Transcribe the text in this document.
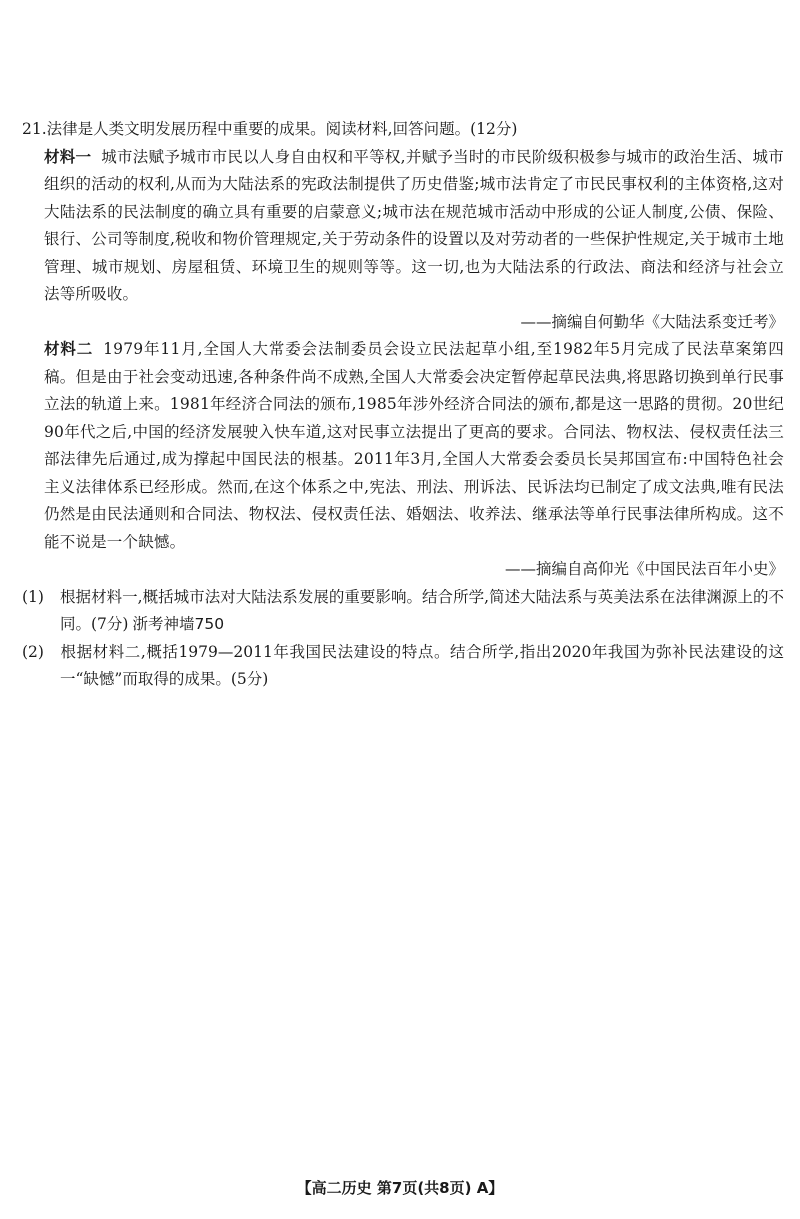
21.法律是人类文明发展历程中重要的成果。阅读材料,回答问题。(12分)

材料一 城市法赋予城市市民以人身自由权和平等权,并赋予当时的市民阶级积极参与城市的政治生活、城市组织的活动的权利,从而为大陆法系的宪政法制提供了历史借鉴;城市法肯定了市民民事权利的主体资格,这对大陆法系的民法制度的确立具有重要的启蒙意义;城市法在规范城市活动中形成的公证人制度,公债、保险、银行、公司等制度,税收和物价管理规定,关于劳动条件的设置以及对劳动者的一些保护性规定,关于城市土地管理、城市规划、房屋租赁、环境卫生的规则等等。这一切,也为大陆法系的行政法、商法和经济与社会立法等所吸收。

——摘编自何勤华《大陆法系变迁考》

材料二 1979年11月,全国人大常委会法制委员会设立民法起草小组,至1982年5月完成了民法草案第四稿。但是由于社会变动迅速,各种条件尚不成熟,全国人大常委会决定暂停起草民法典,将思路切换到单行民事立法的轨道上来。1981年经济合同法的颁布,1985年涉外经济合同法的颁布,都是这一思路的贯彻。20世纪90年代之后,中国的经济发展驶入快车道,这对民事立法提出了更高的要求。合同法、物权法、侵权责任法三部法律先后通过,成为撑起中国民法的根基。2011年3月,全国人大常委会委员长吴邦国宣布:中国特色社会主义法律体系已经形成。然而,在这个体系之中,宪法、刑法、刑诉法、民诉法均已制定了成文法典,唯有民法仍然是由民法通则和合同法、物权法、侵权责任法、婚姻法、收养法、继承法等单行民事法律所构成。这不能不说是一个缺憾。

——摘编自高仰光《中国民法百年小史》

(1) 根据材料一,概括城市法对大陆法系发展的重要影响。结合所学,简述大陆法系与英美法系在法律渊源上的不同。(7分) 浙考神墙750

(2) 根据材料二,概括1979—2011年我国民法建设的特点。结合所学,指出2020年我国为弥补民法建设的这一“缺憾”而取得的成果。(5分)

【高二历史 第7页(共8页) A】
